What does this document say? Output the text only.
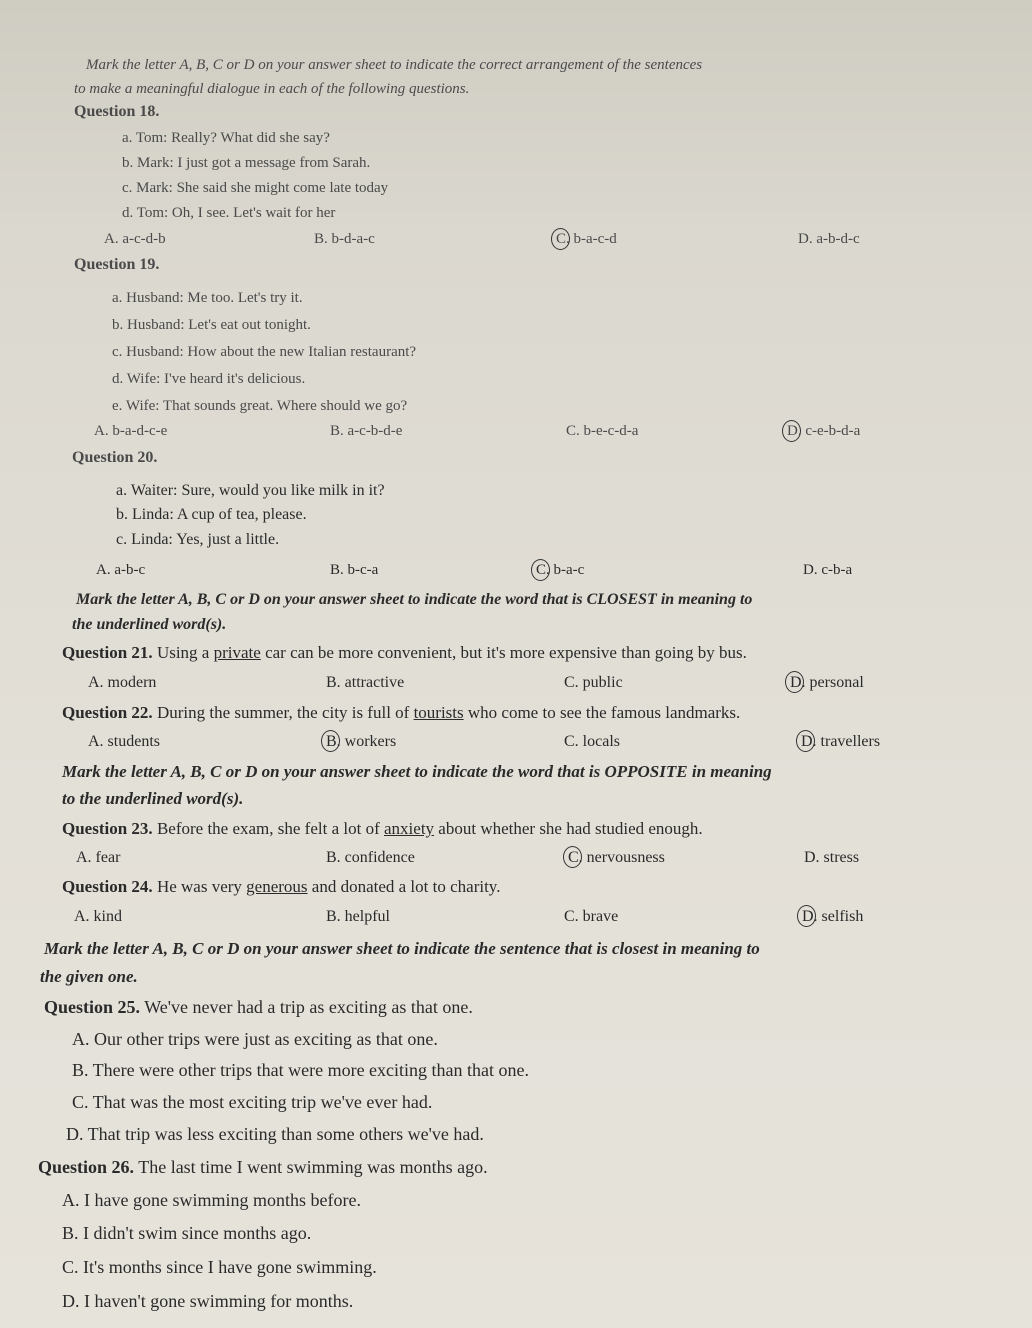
Mark the letter A, B, C or D on your answer sheet to indicate the correct arrangement of the sentences
to make a meaningful dialogue in each of the following questions.
Question 18.
a. Tom: Really? What did she say?
b. Mark: I just got a message from Sarah.
c. Mark: She said she might come late today
d. Tom: Oh, I see. Let's wait for her
A. a-c-d-b	B. b-d-a-c	C. b-a-c-d	D. a-b-d-c
Question 19.
a. Husband: Me too. Let's try it.
b. Husband: Let's eat out tonight.
c. Husband: How about the new Italian restaurant?
d. Wife: I've heard it's delicious.
e. Wife: That sounds great. Where should we go?
A. b-a-d-c-e	B. a-c-b-d-e	C. b-e-c-d-a	D. c-e-b-d-a
Question 20.
a. Waiter: Sure, would you like milk in it?
b. Linda: A cup of tea, please.
c. Linda: Yes, just a little.
A. a-b-c	B. b-c-a	C. b-a-c	D. c-b-a
Mark the letter A, B, C or D on your answer sheet to indicate the word that is CLOSEST in meaning to
the underlined word(s).
Question 21. Using a private car can be more convenient, but it's more expensive than going by bus.
A. modern	B. attractive	C. public	D. personal
Question 22. During the summer, the city is full of tourists who come to see the famous landmarks.
A. students	B. workers	C. locals	D. travellers
Mark the letter A, B, C or D on your answer sheet to indicate the word that is OPPOSITE in meaning
to the underlined word(s).
Question 23. Before the exam, she felt a lot of anxiety about whether she had studied enough.
A. fear	B. confidence	C. nervousness	D. stress
Question 24. He was very generous and donated a lot to charity.
A. kind	B. helpful	C. brave	D. selfish
Mark the letter A, B, C or D on your answer sheet to indicate the sentence that is closest in meaning to
the given one.
Question 25. We've never had a trip as exciting as that one.
A. Our other trips were just as exciting as that one.
B. There were other trips that were more exciting than that one.
C. That was the most exciting trip we've ever had.
D. That trip was less exciting than some others we've had.
Question 26. The last time I went swimming was months ago.
A. I have gone swimming months before.
B. I didn't swim since months ago.
C. It's months since I have gone swimming.
D. I haven't gone swimming for months.
